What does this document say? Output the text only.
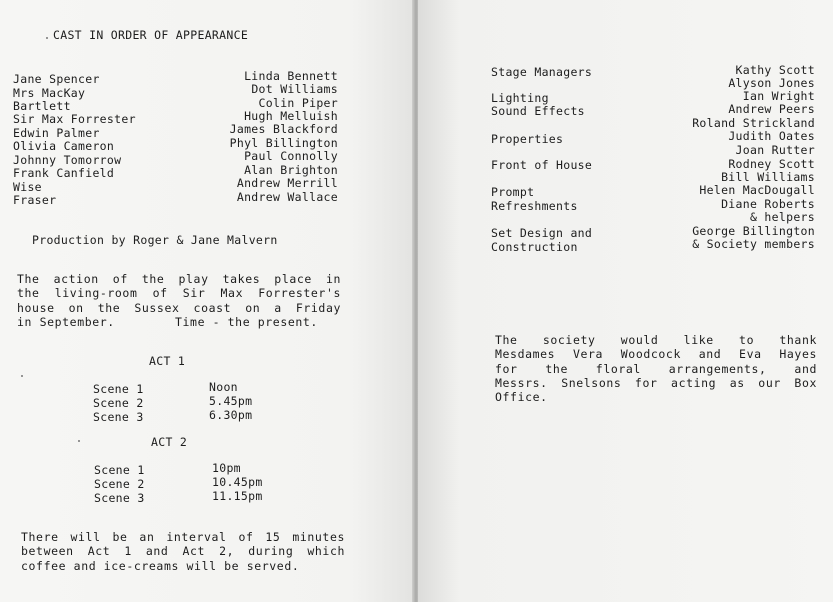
CAST IN ORDER OF APPEARANCE
Jane Spencer	Linda Bennett
Mrs MacKay	Dot Williams
Bartlett	Colin Piper
Sir Max Forrester	Hugh Melluish
Edwin Palmer	James Blackford
Olivia Cameron	Phyl Billington
Johnny Tomorrow	Paul Connolly
Frank Canfield	Alan Brighton
Wise	Andrew Merrill
Fraser	Andrew Wallace
Production by Roger & Jane Malvern
The action of the play takes place in
the living-room of Sir Max Forrester's
house on the Sussex coast on a Friday
in September.        Time - the present.
ACT 1
Scene 1	Noon
Scene 2	5.45pm
Scene 3	6.30pm
ACT 2
Scene 1	10pm
Scene 2	10.45pm
Scene 3	11.15pm
There will be an interval of 15 minutes
between Act 1 and Act 2, during which
coffee and ice-creams will be served.
Stage Managers	Kathy Scott
Alyson Jones
Lighting	Ian Wright
Sound Effects	Andrew Peers
Roland Strickland
Properties	Judith Oates
Joan Rutter
Front of House	Rodney Scott
Bill Williams
Prompt	Helen MacDougall
Refreshments	Diane Roberts
& helpers
Set Design and	George Billington
Construction	& Society members
The society would like to thank
Mesdames Vera Woodcock and Eva Hayes
for the floral arrangements, and
Messrs. Snelsons for acting as our Box
Office.
